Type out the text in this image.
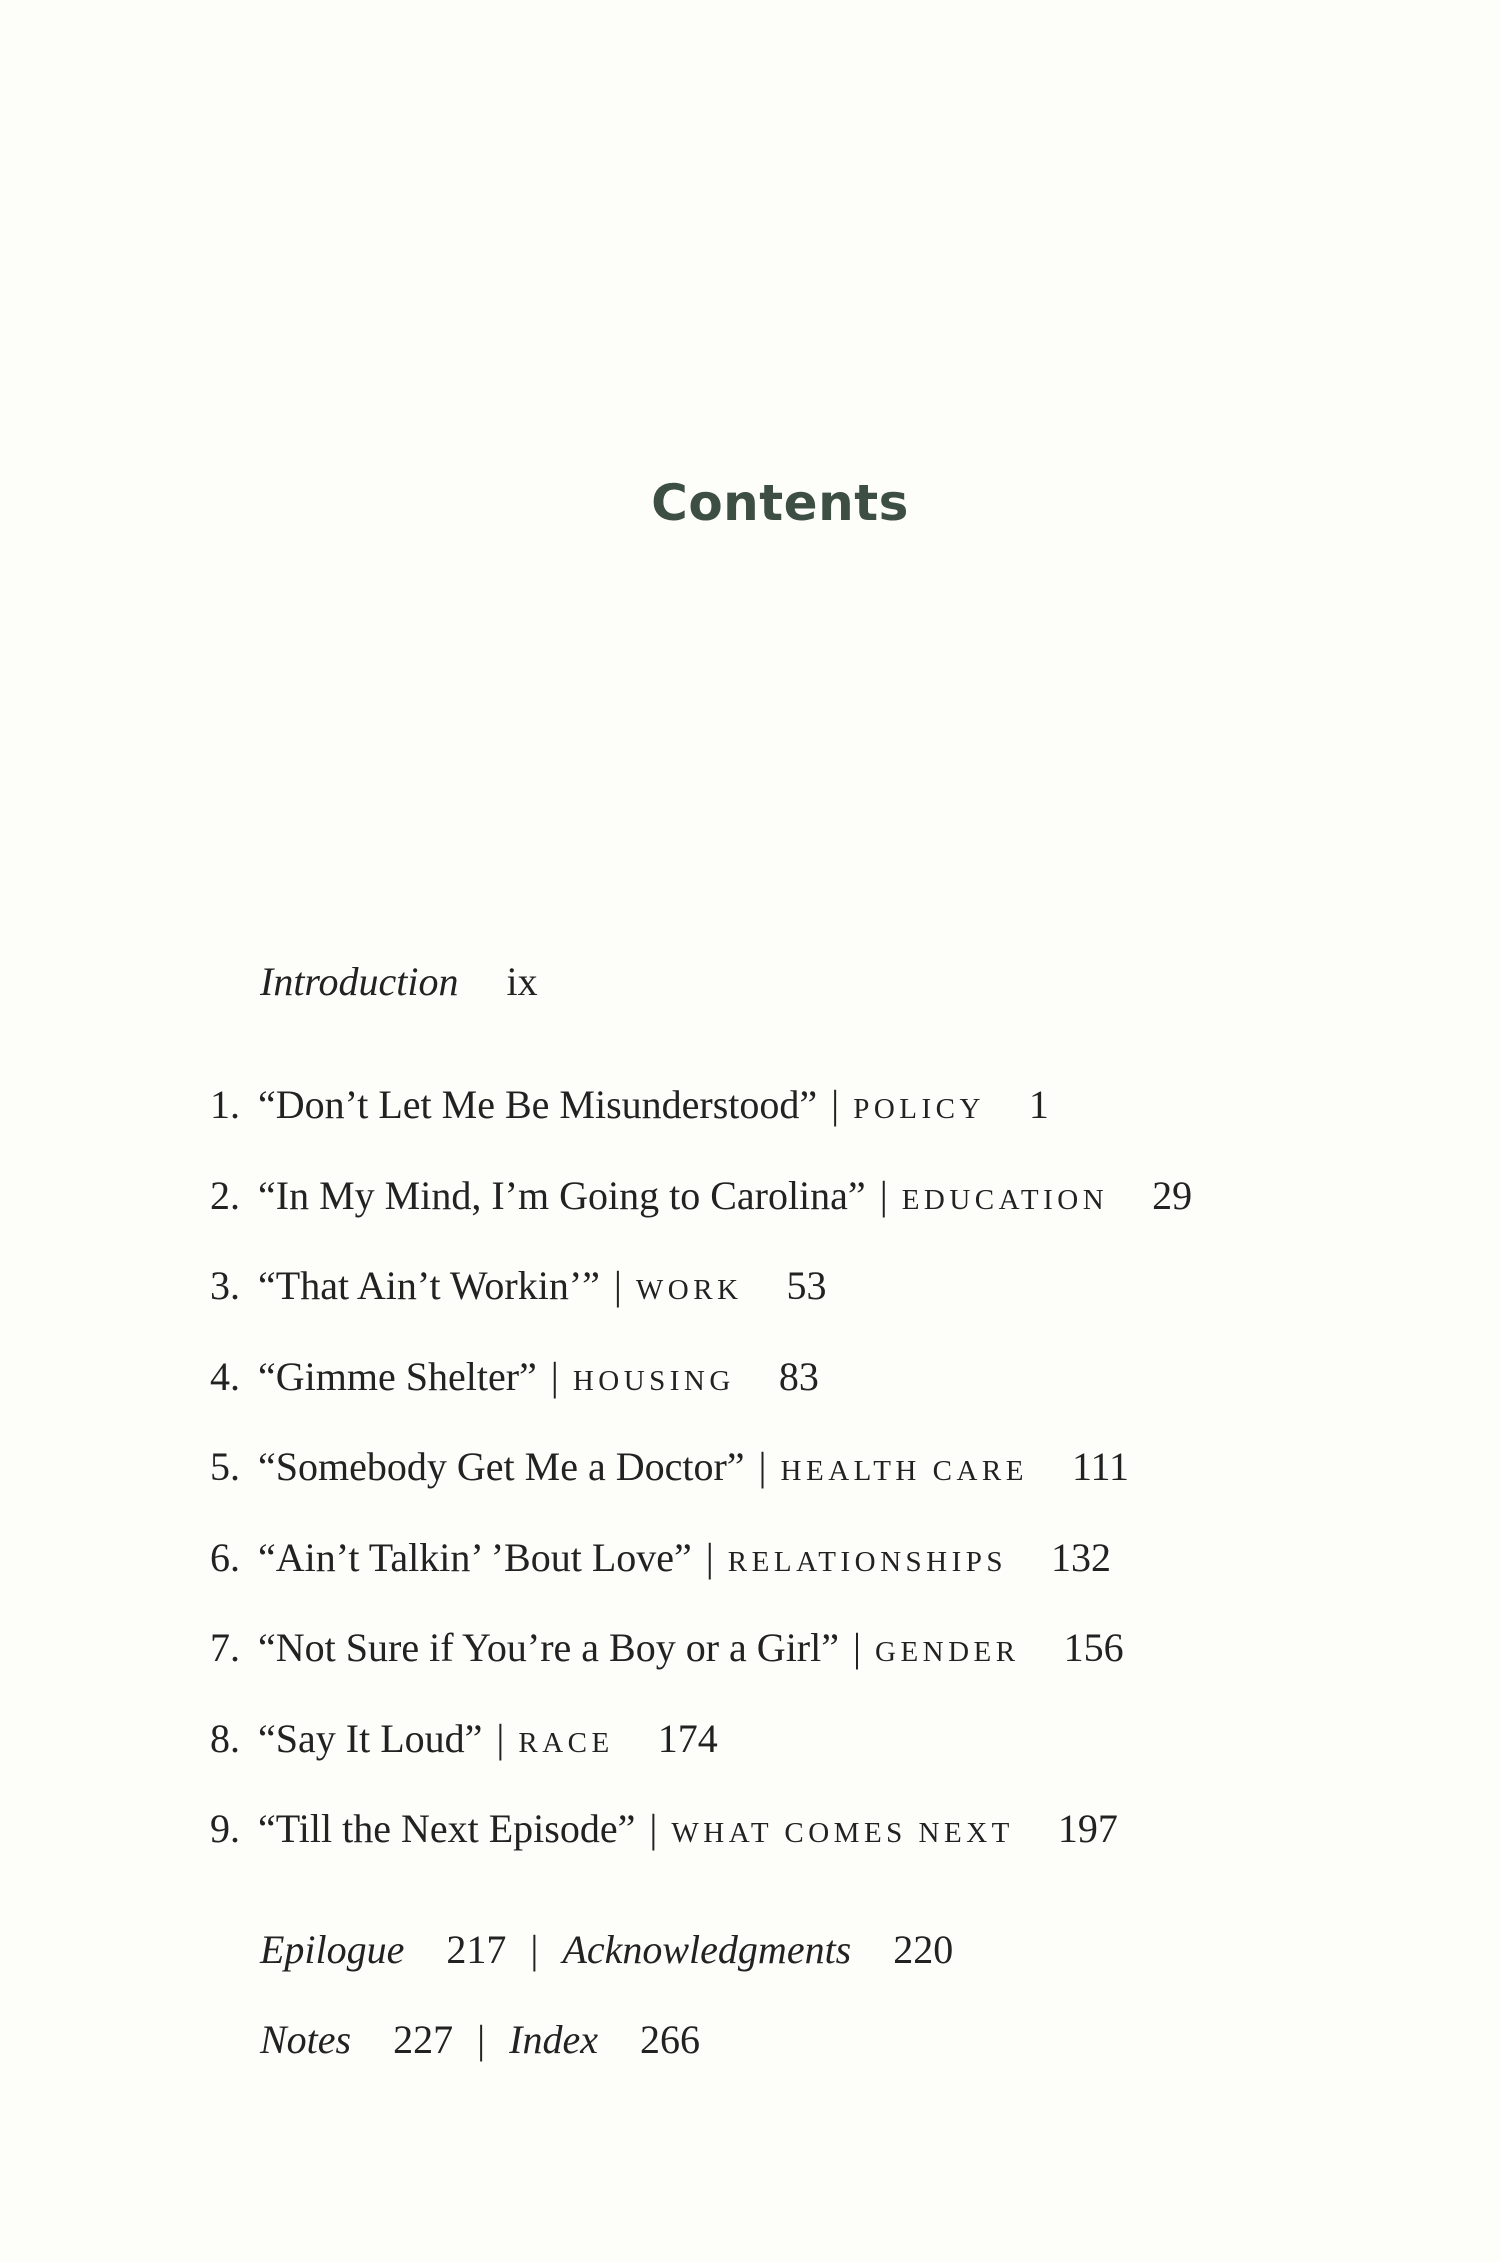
Contents
Introduction ix
1. “Don’t Let Me Be Misunderstood” | POLICY 1
2. “In My Mind, I’m Going to Carolina” | EDUCATION 29
3. “That Ain’t Workin’” | WORK 53
4. “Gimme Shelter” | HOUSING 83
5. “Somebody Get Me a Doctor” | HEALTH CARE 111
6. “Ain’t Talkin’ ’Bout Love” | RELATIONSHIPS 132
7. “Not Sure if You’re a Boy or a Girl” | GENDER 156
8. “Say It Loud” | RACE 174
9. “Till the Next Episode” | WHAT COMES NEXT 197
Epilogue 217 | Acknowledgments 220
Notes 227 | Index 266
